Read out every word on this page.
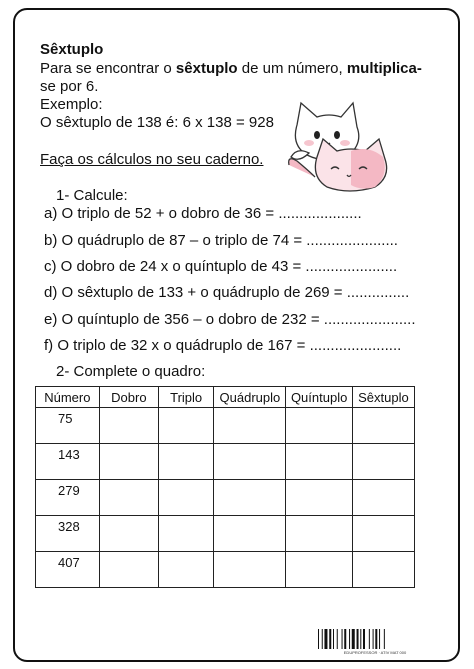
Sêxtuplo
Para se encontrar o sêxtuplo de um número, multiplica-
se por 6.
Exemplo:
O sêxtuplo de 138 é: 6 x 138 = 928
Faça os cálculos no seu caderno.
1- Calcule:
a) O triplo de 52 + o dobro de 36 = ....................
b) O quádruplo de 87 – o triplo de 74 = ......................
c) O dobro de 24 x o quíntuplo de 43 = ......................
d) O sêxtuplo de 133 + o quádruplo de 269 = ...............
e) O quíntuplo de 356 – o dobro de 232 = ......................
f) O triplo de 32 x o quádruplo de 167 = ......................
2- Complete o quadro:
Número	Dobro	Triplo	Quádruplo	Quíntuplo	Sêxtuplo
75					
143					
279					
328					
407					
EDUPROFESSOR · ATIV MAT 000
